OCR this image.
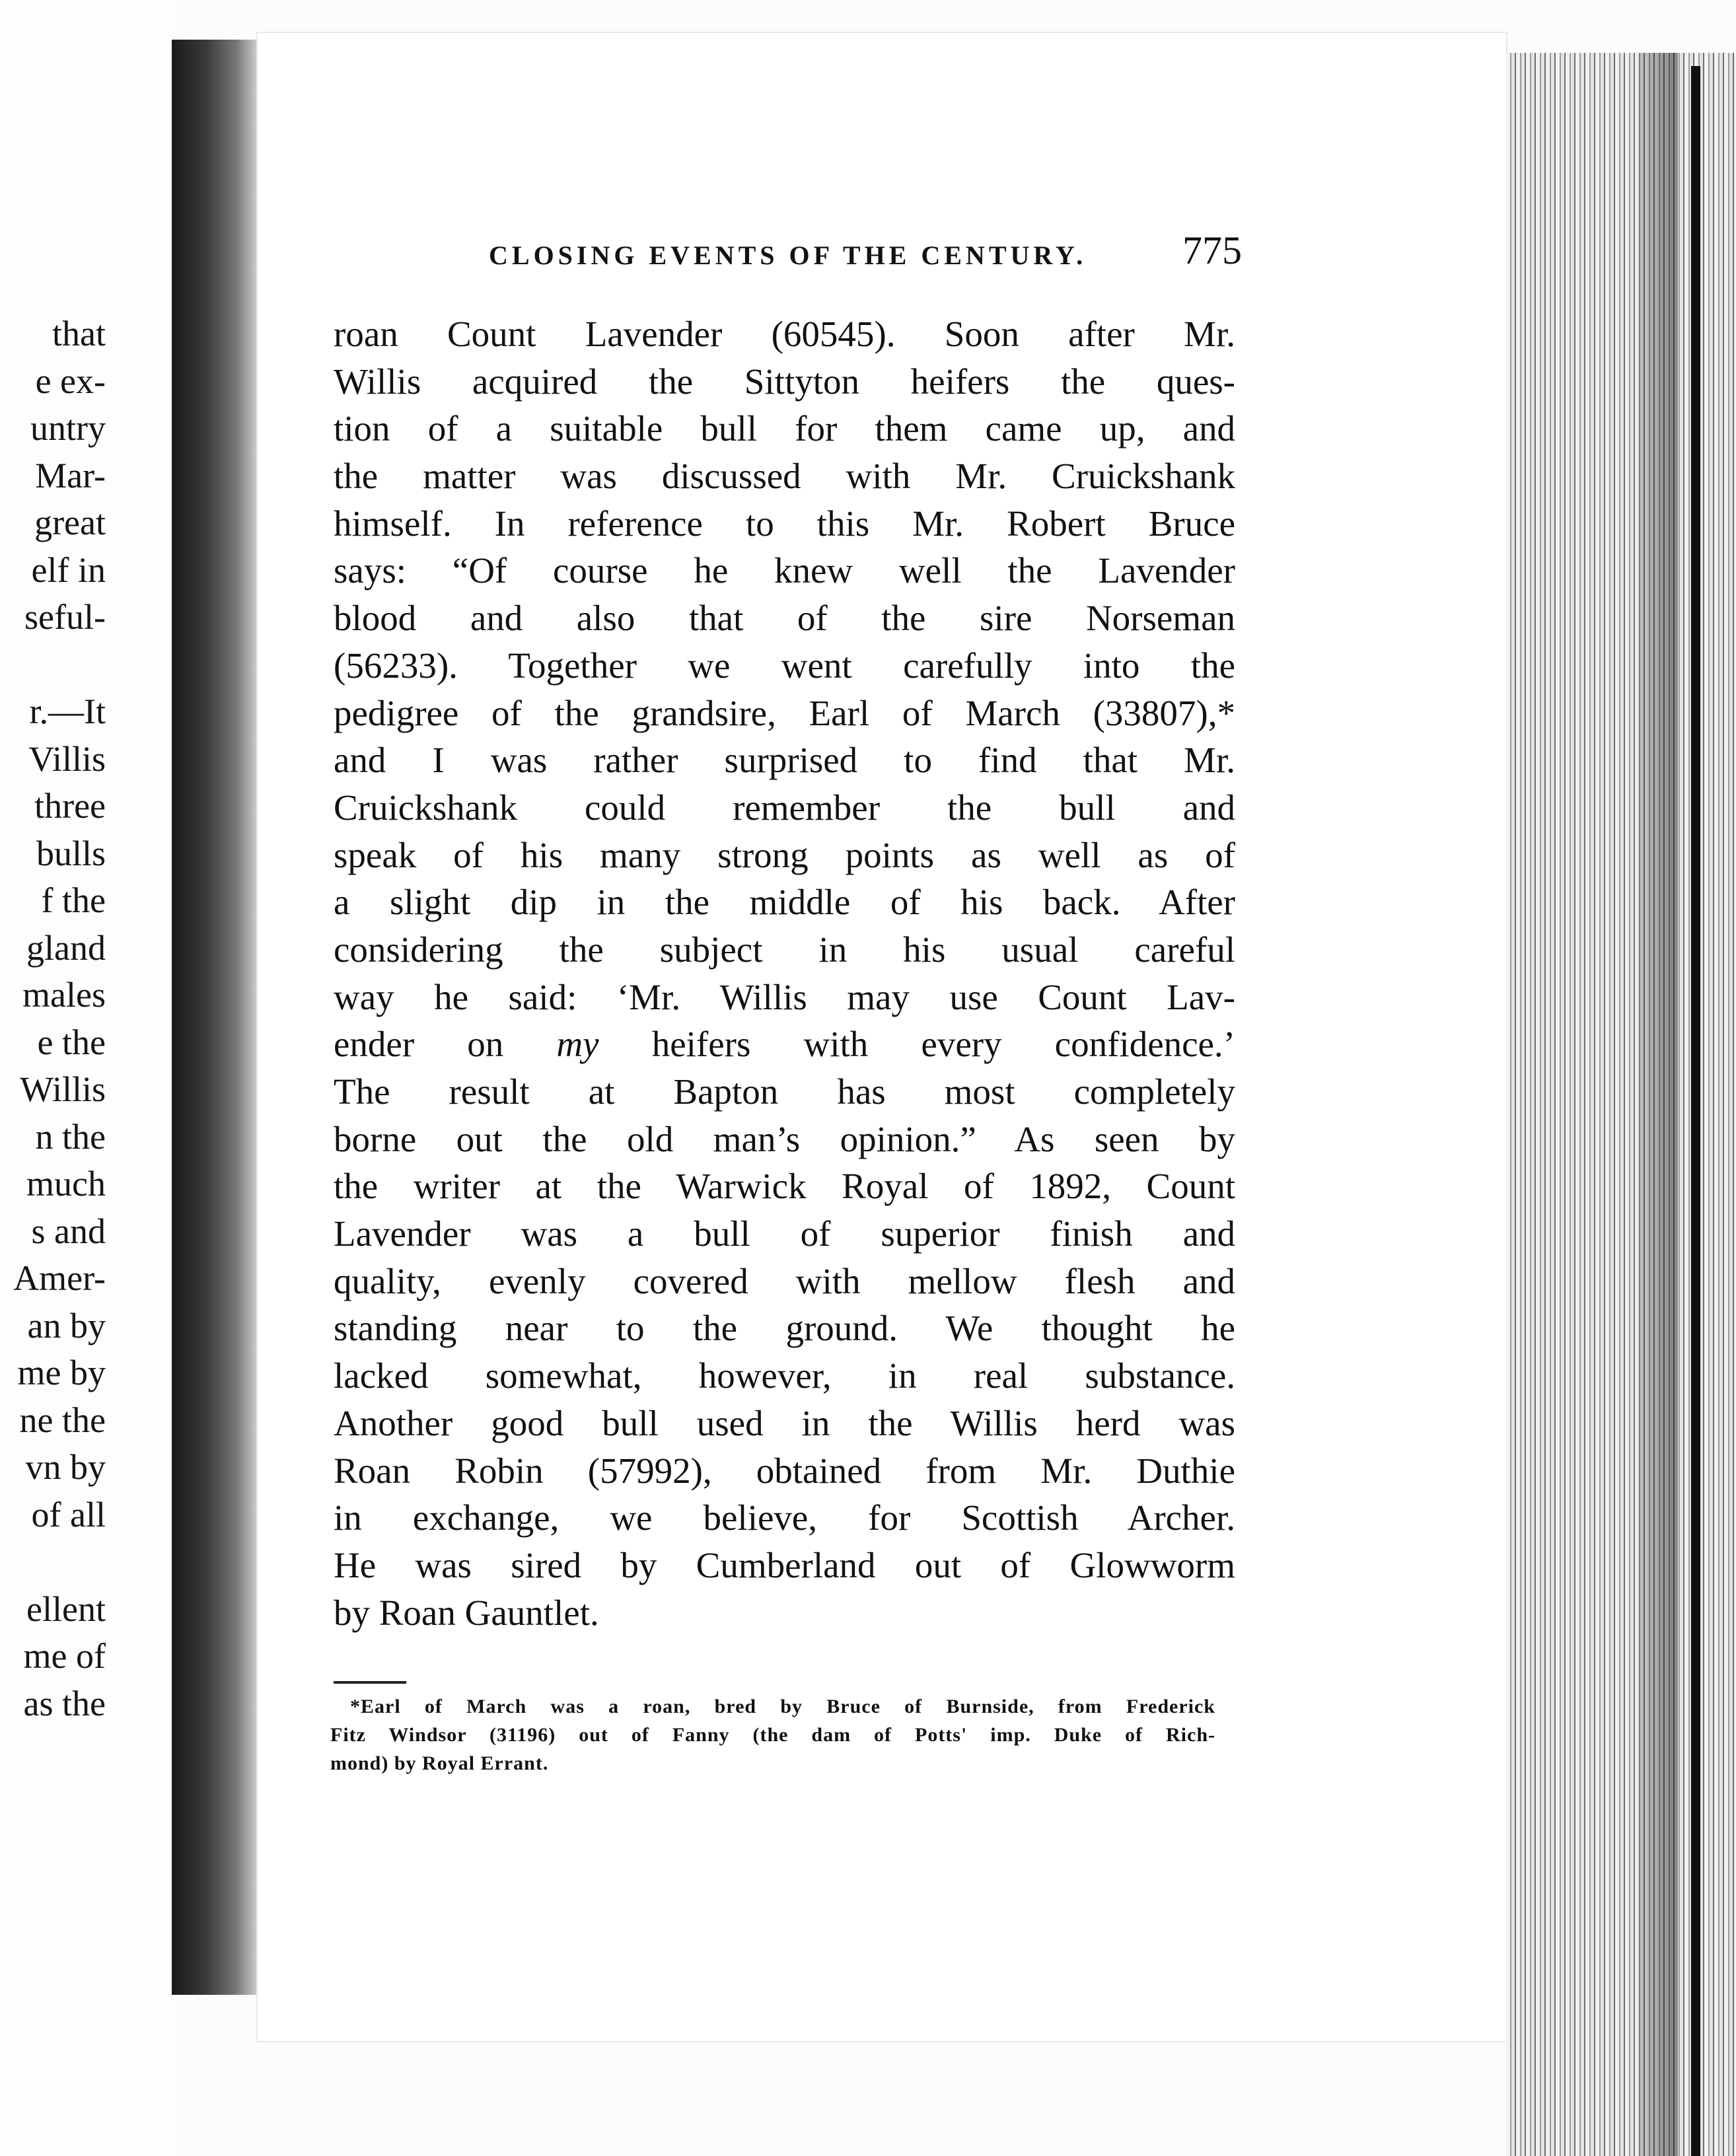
that
e ex-
untry
Mar-
great
elf in
seful-
r.—It
Villis
three
bulls
f the
gland
males
e the
Willis
n the
much
s and
Amer-
an by
me by
ne the
vn by
of all
ellent
me of
as the
CLOSING EVENTS OF THE CENTURY. 775
roan Count Lavender (60545). Soon after Mr.
Willis acquired the Sittyton heifers the ques-
tion of a suitable bull for them came up, and
the matter was discussed with Mr. Cruickshank
himself. In reference to this Mr. Robert Bruce
says: “Of course he knew well the Lavender
blood and also that of the sire Norseman
(56233). Together we went carefully into the
pedigree of the grandsire, Earl of March (33807),*
and I was rather surprised to find that Mr.
Cruickshank could remember the bull and
speak of his many strong points as well as of
a slight dip in the middle of his back. After
considering the subject in his usual careful
way he said: ‘Mr. Willis may use Count Lav-
ender on my heifers with every confidence.’
The result at Bapton has most completely
borne out the old man’s opinion.” As seen by
the writer at the Warwick Royal of 1892, Count
Lavender was a bull of superior finish and
quality, evenly covered with mellow flesh and
standing near to the ground. We thought he
lacked somewhat, however, in real substance.
Another good bull used in the Willis herd was
Roan Robin (57992), obtained from Mr. Duthie
in exchange, we believe, for Scottish Archer.
He was sired by Cumberland out of Glowworm
by Roan Gauntlet.
*Earl of March was a roan, bred by Bruce of Burnside, from Frederick
Fitz Windsor (31196) out of Fanny (the dam of Potts' imp. Duke of Rich-
mond) by Royal Errant.
